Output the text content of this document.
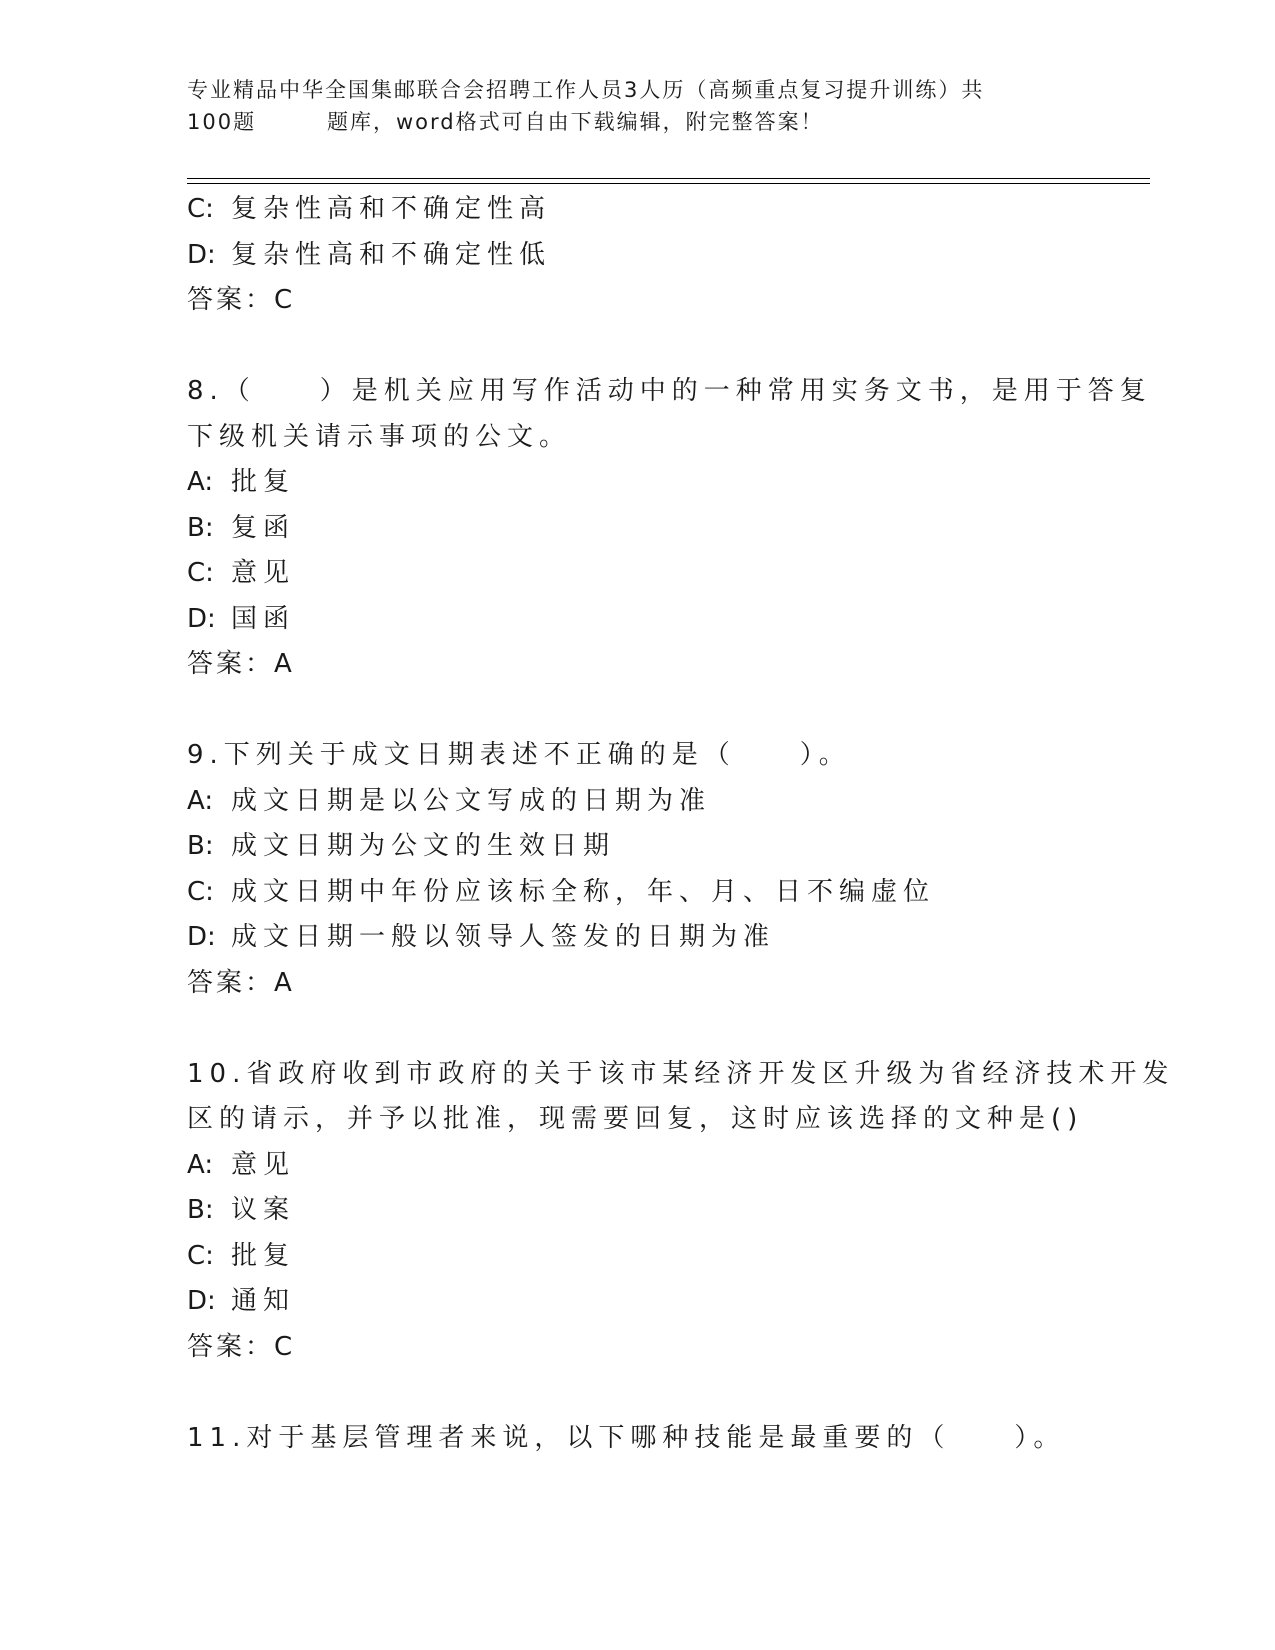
专业精品中华全国集邮联合会招聘工作人员3人历（高频重点复习提升训练）共
100题	题库，word格式可自由下载编辑，附完整答案！
C: 复杂性高和不确定性高
D: 复杂性高和不确定性低
答案：C
8.（　　）是机关应用写作活动中的一种常用实务文书，是用于答复
下级机关请示事项的公文。
A: 批复
B: 复函
C: 意见
D: 国函
答案：A
9.下列关于成文日期表述不正确的是（　　）。
A: 成文日期是以公文写成的日期为准
B: 成文日期为公文的生效日期
C: 成文日期中年份应该标全称，年、月、日不编虚位
D: 成文日期一般以领导人签发的日期为准
答案：A
10.省政府收到市政府的关于该市某经济开发区升级为省经济技术开发
区的请示，并予以批准，现需要回复，这时应该选择的文种是()
A: 意见
B: 议案
C: 批复
D: 通知
答案：C
11.对于基层管理者来说，以下哪种技能是最重要的（　　）。
